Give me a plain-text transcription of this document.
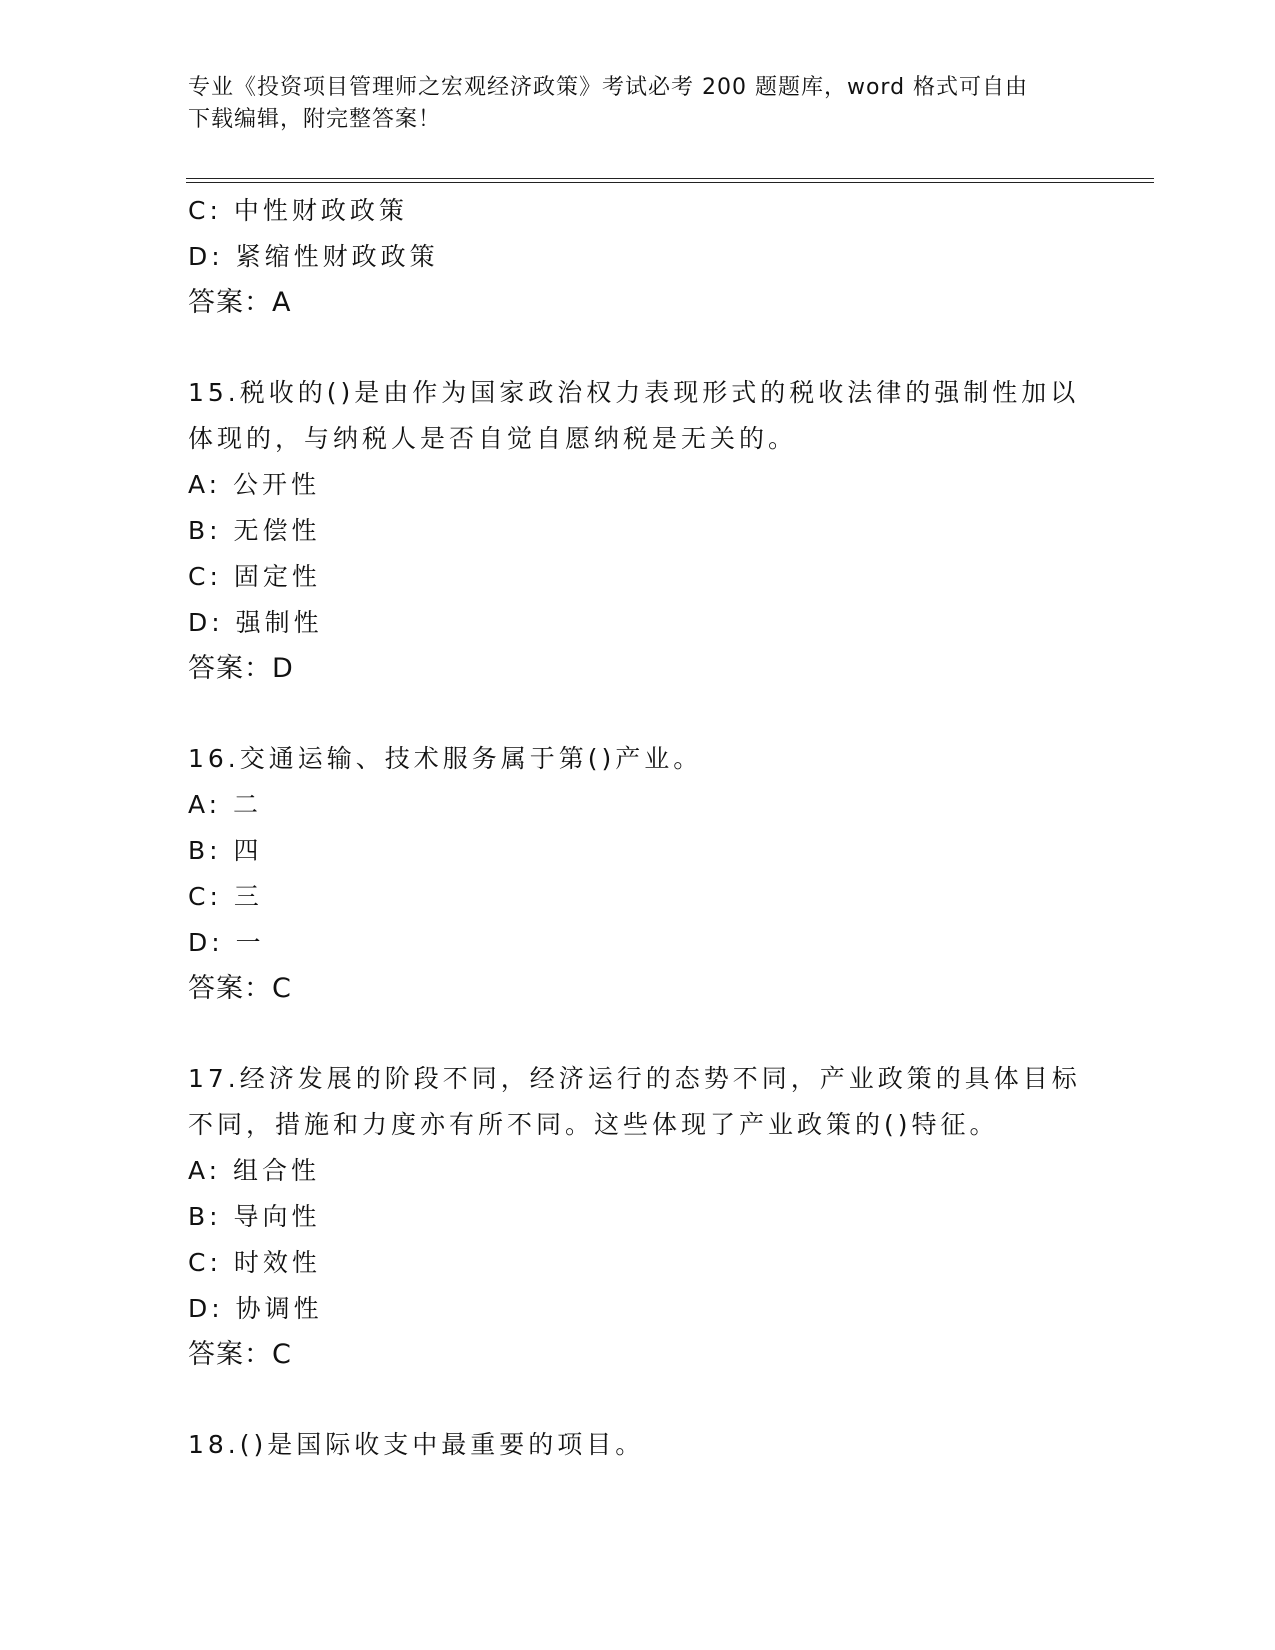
专业《投资项目管理师之宏观经济政策》考试必考 200 题题库，word 格式可自由
下载编辑，附完整答案！
C: 中性财政政策
D: 紧缩性财政政策
答案：A
15.税收的()是由作为国家政治权力表现形式的税收法律的强制性加以
体现的，与纳税人是否自觉自愿纳税是无关的。
A: 公开性
B: 无偿性
C: 固定性
D: 强制性
答案：D
16.交通运输、技术服务属于第()产业。
A: 二
B: 四
C: 三
D: 一
答案：C
17.经济发展的阶段不同，经济运行的态势不同，产业政策的具体目标
不同，措施和力度亦有所不同。这些体现了产业政策的()特征。
A: 组合性
B: 导向性
C: 时效性
D: 协调性
答案：C
18.()是国际收支中最重要的项目。
